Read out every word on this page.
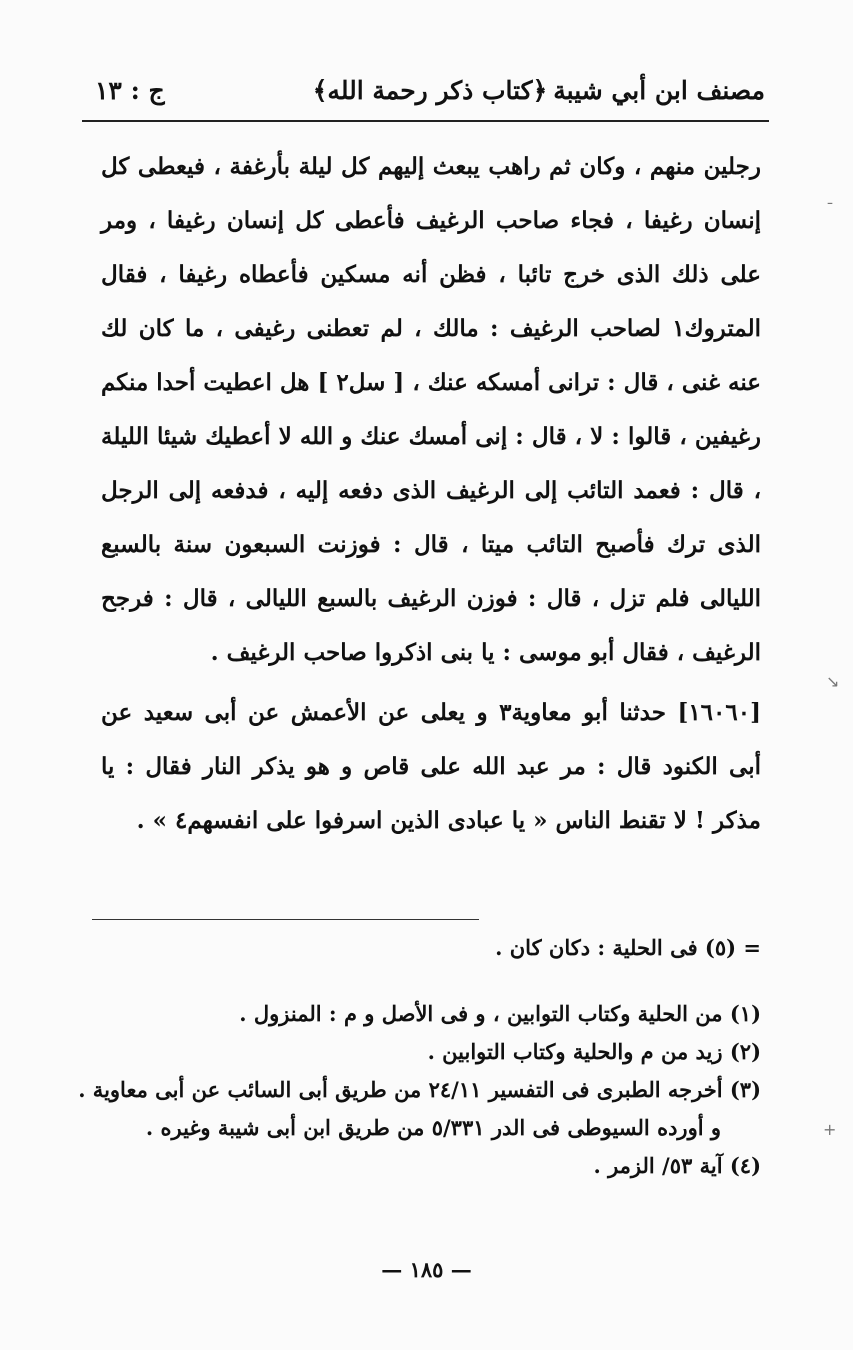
مصنف ابن أبي شيبة
﴿كتاب ذكر رحمة الله﴾
ج : ١٣

رجلين منهم ، وكان ثم راهب يبعث إليهم كل ليلة بأرغفة ، فيعطى كل إنسان رغيفا ، فجاء صاحب الرغيف فأعطى كل إنسان رغيفا ، ومر على ذلك الذى خرج تائبا ، فظن أنه مسكين فأعطاه رغيفا ، فقال المتروك١ لصاحب الرغيف : مالك ، لم تعطنى رغيفى ، ما كان لك عنه غنى ، قال : ترانى أمسكه عنك ، [ سل٢ ] هل اعطيت أحدا منكم رغيفين ، قالوا : لا ، قال : إنى أمسك عنك و الله لا أعطيك شيئا الليلة ، قال : فعمد التائب إلى الرغيف الذى دفعه إليه ، فدفعه إلى الرجل الذى ترك فأصبح التائب ميتا ، قال : فوزنت السبعون سنة بالسبع الليالى فلم تزل ، قال : فوزن الرغيف بالسبع الليالى ، قال : فرجح الرغيف ، فقال أبو موسى : يا بنى اذكروا صاحب الرغيف .

[١٦٠٦٠] حدثنا أبو معاوية٣ و يعلى عن الأعمش عن أبى سعيد عن أبى الكنود قال : مر عبد الله على قاص و هو يذكر النار فقال : يا مذكر ! لا تقنط الناس « يا عبادى الذين اسرفوا على انفسهم٤ » .

= (٥) فى الحلية : دكان كان .
(١) من الحلية وكتاب التوابين ، و فى الأصل و م : المنزول .
(٢) زيد من م والحلية وكتاب التوابين .
(٣) أخرجه الطبرى فى التفسير ٢٤/١١ من طريق أبى السائب عن أبى معاوية .
و أورده السيوطى فى الدر ٥/٣٣١ من طريق ابن أبى شيبة وغيره .
(٤) آية ٥٣/ الزمر .
— ١٨٥ —
ˉ
↘
+
